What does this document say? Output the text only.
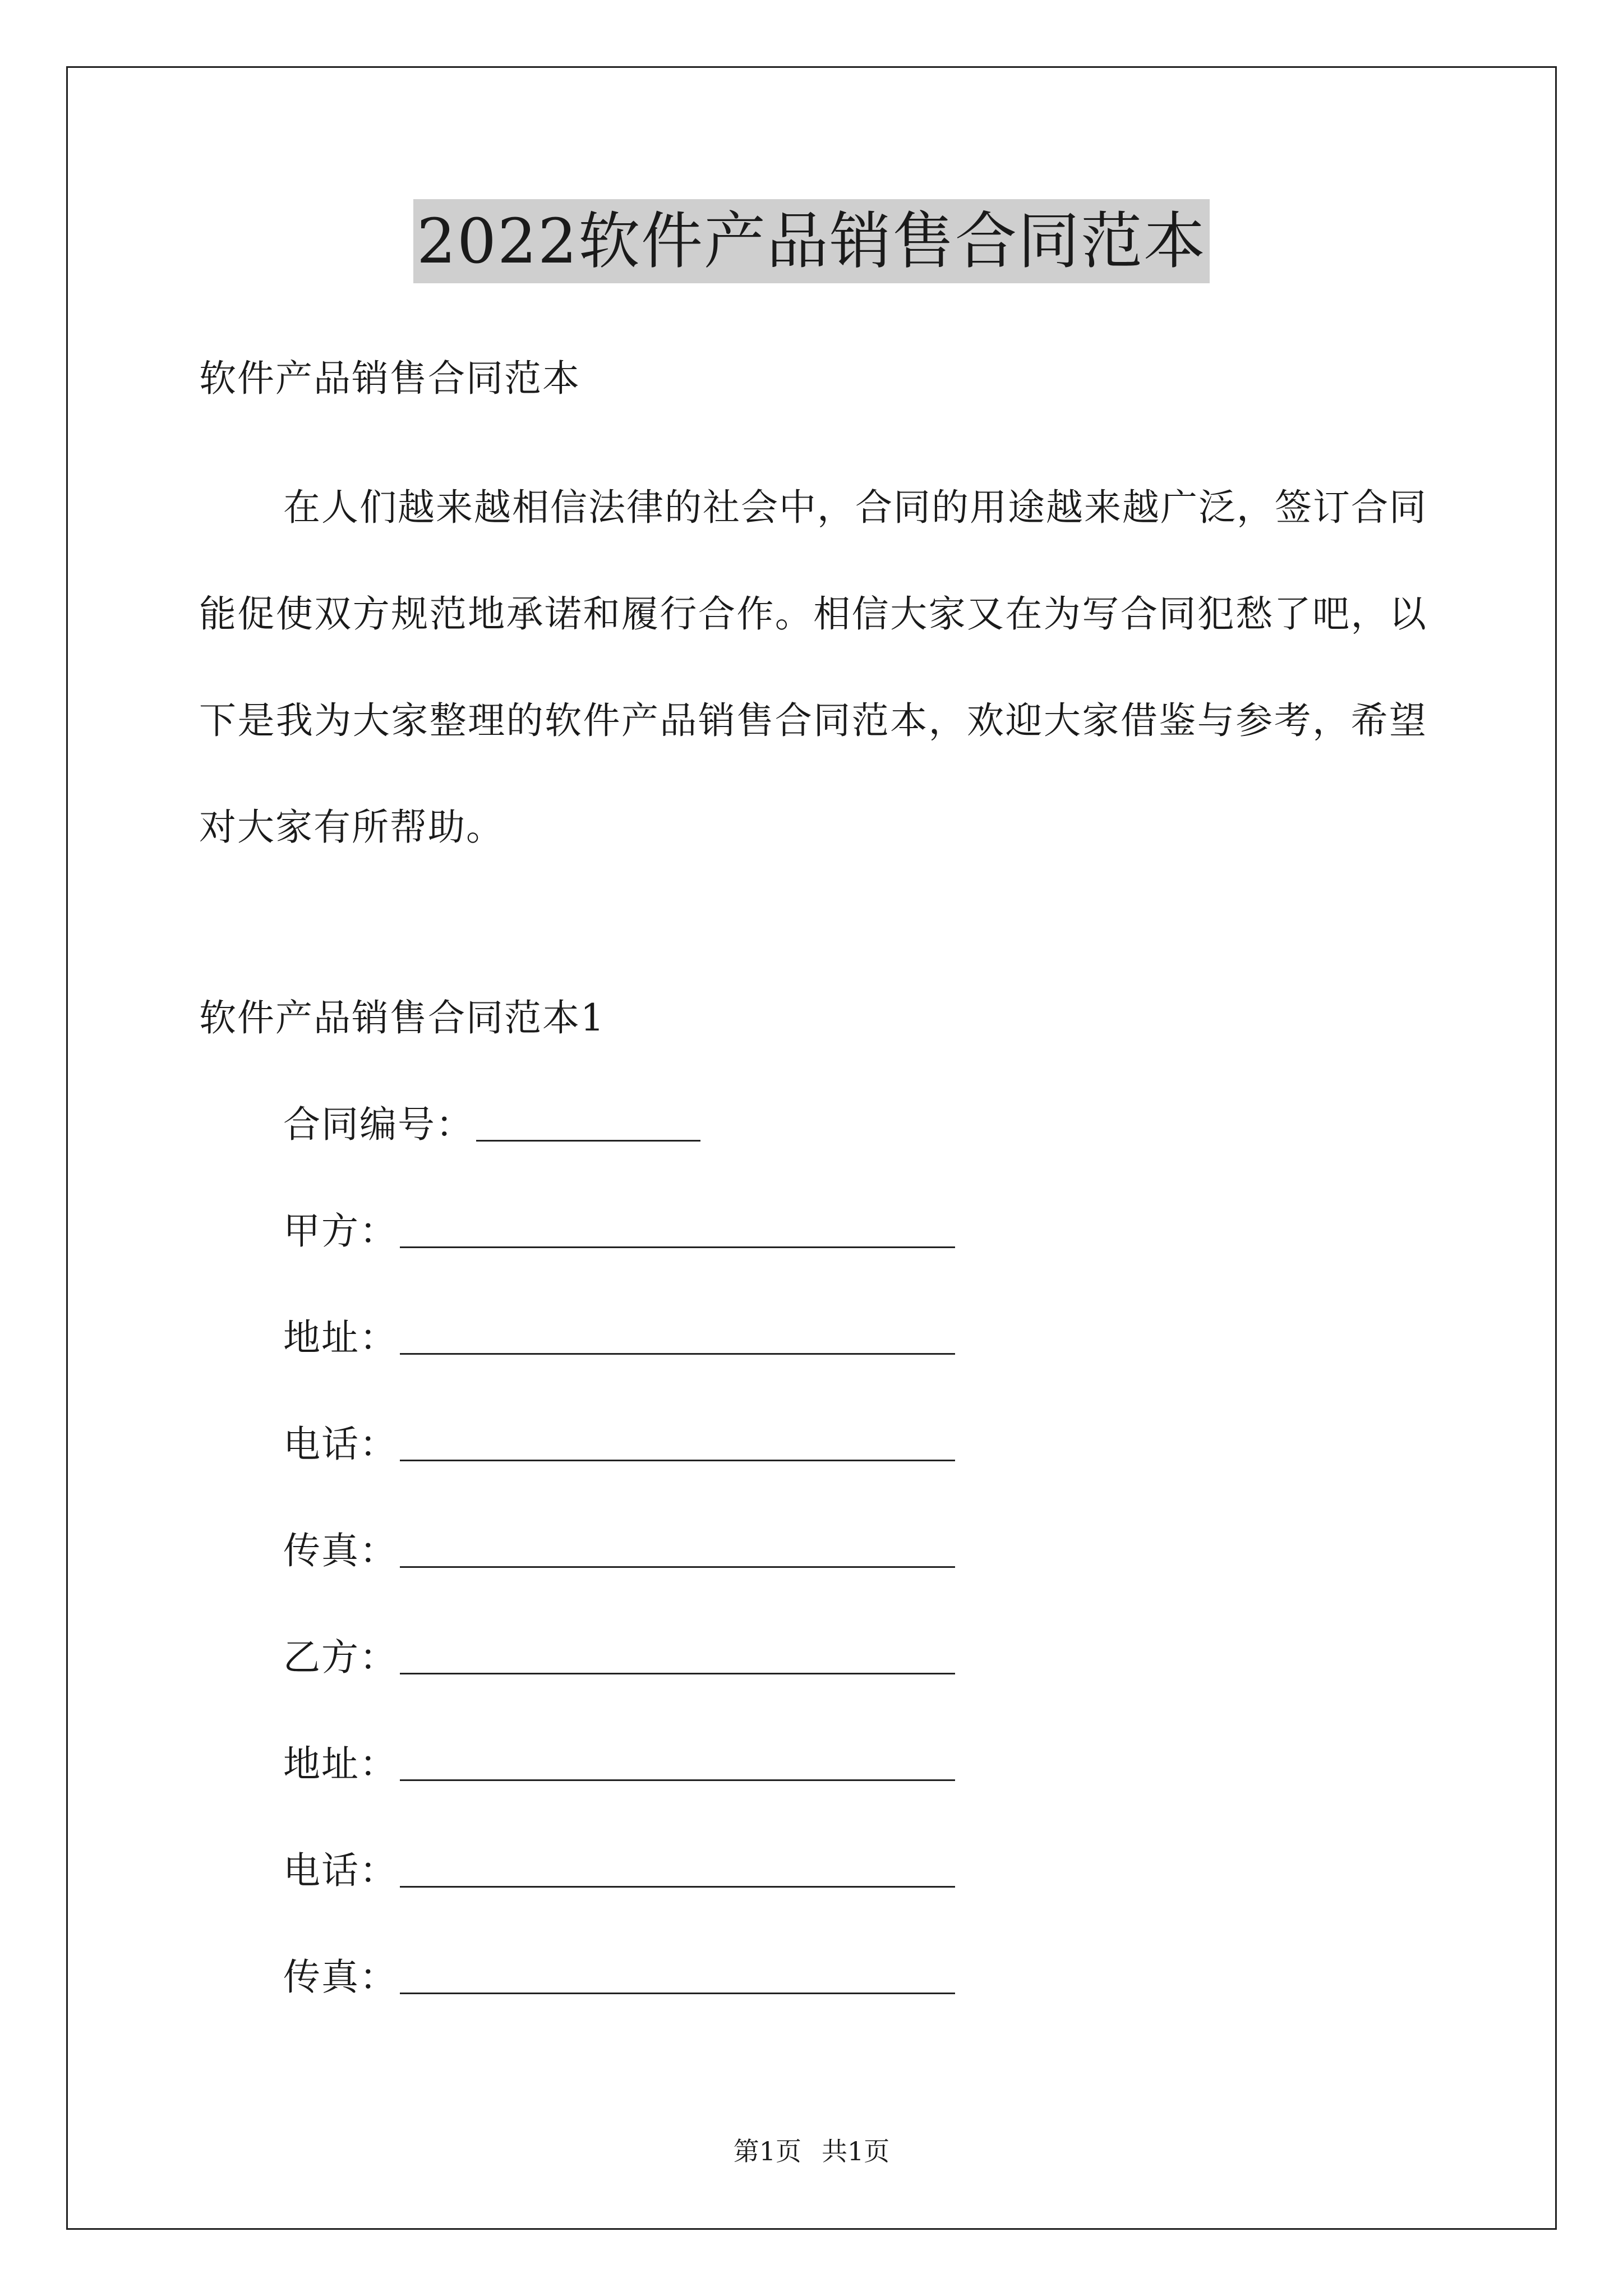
2022软件产品销售合同范本
软件产品销售合同范本
在人们越来越相信法律的社会中，合同的用途越来越广泛，签订合同能促使双方规范地承诺和履行合作。相信大家又在为写合同犯愁了吧，以下是我为大家整理的软件产品销售合同范本，欢迎大家借鉴与参考，希望对大家有所帮助。
软件产品销售合同范本1
合同编号：
甲方：
地址：
电话：
传真：
乙方：
地址：
电话：
传真：
第1页 共1页
